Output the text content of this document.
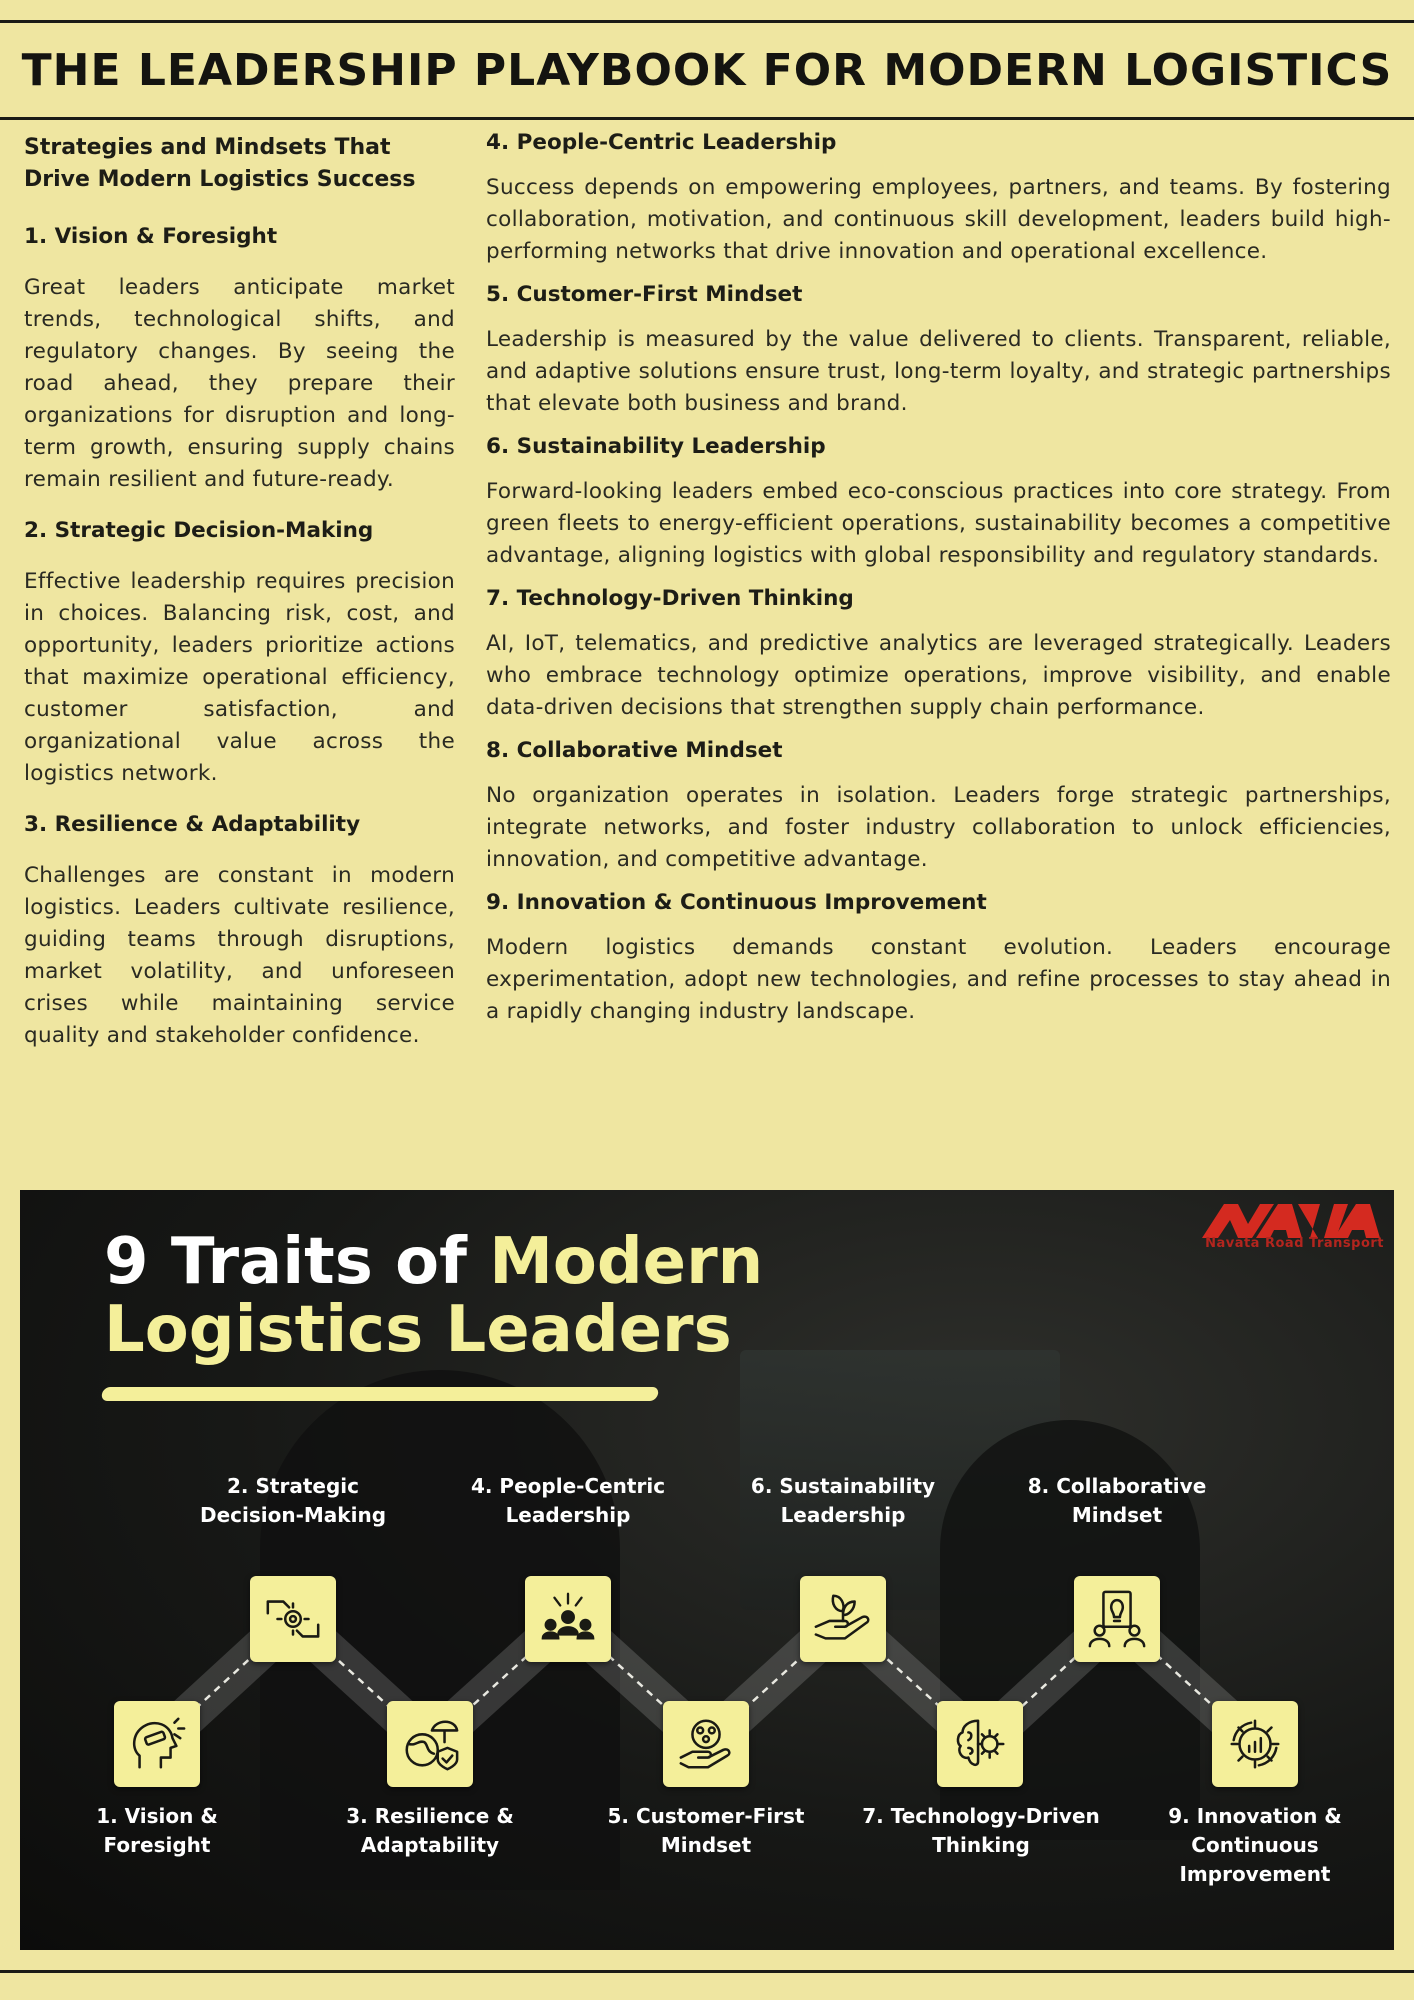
THE LEADERSHIP PLAYBOOK FOR MODERN LOGISTICS
Strategies and Mindsets That Drive Modern Logistics Success
1. Vision & Foresight

Great leaders anticipate market trends, technological shifts, and regulatory changes. By seeing the road ahead, they prepare their organizations for disruption and long-term growth, ensuring supply chains remain resilient and future-ready.

2. Strategic Decision-Making

Effective leadership requires precision in choices. Balancing risk, cost, and opportunity, leaders prioritize actions that maximize operational efficiency, customer satisfaction, and organizational value across the logistics network.

3. Resilience & Adaptability

Challenges are constant in modern logistics. Leaders cultivate resilience, guiding teams through disruptions, market volatility, and unforeseen crises while maintaining service quality and stakeholder confidence.

4. People-Centric Leadership

Success depends on empowering employees, partners, and teams. By fostering collaboration, motivation, and continuous skill development, leaders build high-performing networks that drive innovation and operational excellence.

5. Customer-First Mindset

Leadership is measured by the value delivered to clients. Transparent, reliable, and adaptive solutions ensure trust, long-term loyalty, and strategic partnerships that elevate both business and brand.

6. Sustainability Leadership

Forward-looking leaders embed eco-conscious practices into core strategy. From green fleets to energy-efficient operations, sustainability becomes a competitive advantage, aligning logistics with global responsibility and regulatory standards.

7. Technology-Driven Thinking

AI, IoT, telematics, and predictive analytics are leveraged strategically. Leaders who embrace technology optimize operations, improve visibility, and enable data-driven decisions that strengthen supply chain performance.

8. Collaborative Mindset

No organization operates in isolation. Leaders forge strategic partnerships, integrate networks, and foster industry collaboration to unlock efficiencies, innovation, and competitive advantage.

9. Innovation & Continuous Improvement

Modern logistics demands constant evolution. Leaders encourage experimentation, adopt new technologies, and refine processes to stay ahead in a rapidly changing industry landscape.

9 Traits of Modern
Logistics Leaders
Navata Road Transport
1. Vision &
Foresight
2. Strategic
Decision-Making
3. Resilience &
Adaptability
4. People-Centric
Leadership
5. Customer-First
Mindset
6. Sustainability
Leadership
7. Technology-Driven
Thinking
8. Collaborative
Mindset
9. Innovation &
Continuous
Improvement
